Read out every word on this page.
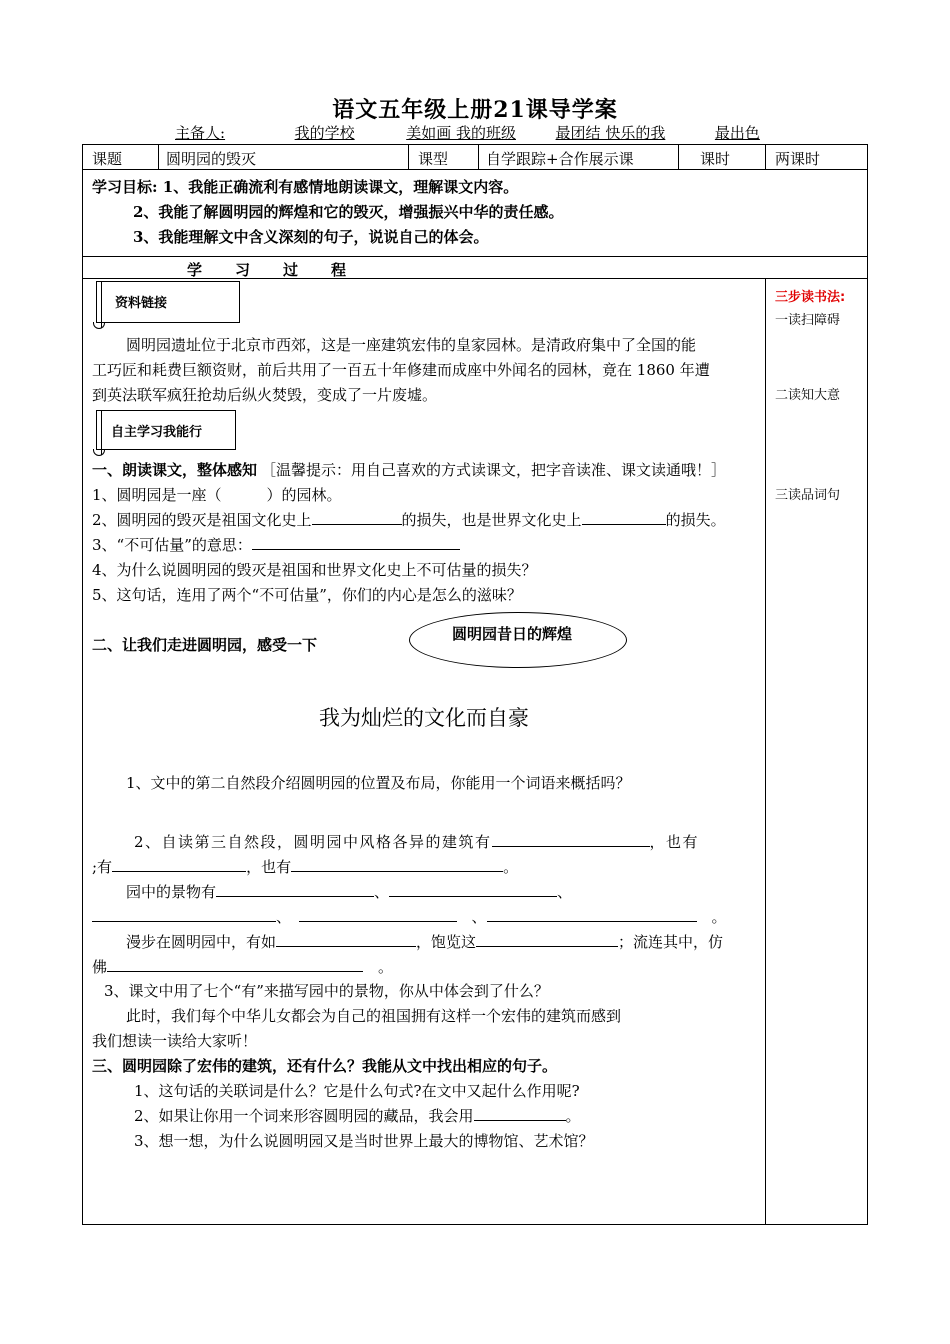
语文五年级上册21课导学案
主备人:	我的学校	美如画 我的班级	最团结 快乐的我	最出色
课题	圆明园的毁灭	课型	自学跟踪+合作展示课	课时	两课时
学习目标: 1、我能正确流利有感情地朗读课文，理解课文内容。
2、我能了解圆明园的辉煌和它的毁灭，增强振兴中华的责任感。
3、我能理解文中含义深刻的句子，说说自己的体会。
学　　习　　过　　程
三步读书法:
一读扫障碍
二读知大意
三读品词句
资料链接
圆明园遗址位于北京市西郊，这是一座建筑宏伟的皇家园林。是清政府集中了全国的能
工巧匠和耗费巨额资财，前后共用了一百五十年修建而成座中外闻名的园林，竟在 1860 年遭
到英法联军疯狂抢劫后纵火焚毁，变成了一片废墟。
自主学习我能行
一、朗读课文，整体感知 ［温馨提示：用自己喜欢的方式读课文，把字音读准、课文读通哦！］
1、圆明园是一座（　　　）的园林。
2、圆明园的毁灭是祖国文化史上	的损失，也是世界文化史上	的损失。
3、“不可估量”的意思：
4、为什么说圆明园的毁灭是祖国和世界文化史上不可估量的损失？
5、这句话，连用了两个“不可估量”，你们的内心是怎么的滋味？
二、让我们走进圆明园，感受一下
圆明园昔日的辉煌
我为灿烂的文化而自豪
1、文中的第二自然段介绍圆明园的位置及布局，你能用一个词语来概括吗？
2、自读第三自然段，圆明园中风格各异的建筑有	，也有
;有	，也有	。
园中的景物有	、	、
、　	　、	　。
漫步在圆明园中，有如	，饱览这	；流连其中，仿
佛	　。
3、课文中用了七个“有”来描写园中的景物，你从中体会到了什么？
此时，我们每个中华儿女都会为自己的祖国拥有这样一个宏伟的建筑而感到
我们想读一读给大家听！
三、圆明园除了宏伟的建筑，还有什么？我能从文中找出相应的句子。
1、这句话的关联词是什么？它是什么句式?在文中又起什么作用呢?
2、如果让你用一个词来形容圆明园的藏品，我会用	。
3、想一想，为什么说圆明园又是当时世界上最大的博物馆、艺术馆？
